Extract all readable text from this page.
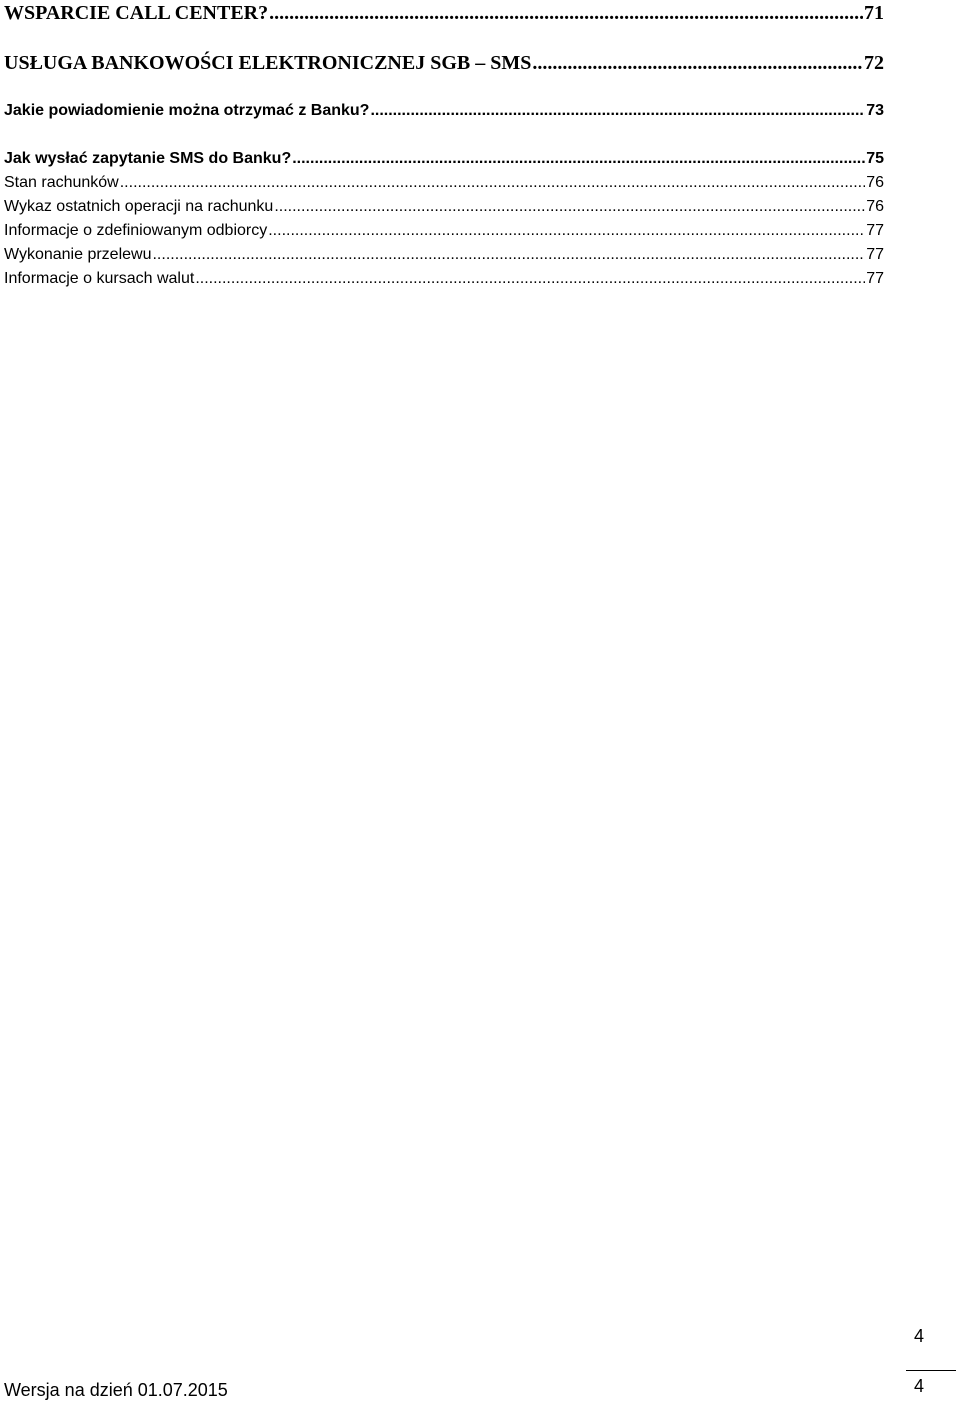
WSPARCIE CALL CENTER? .....	71
USŁUGA BANKOWOŚCI ELEKTRONICZNEJ SGB – SMS .....	72
Jakie powiadomienie można otrzymać z Banku? .....	73
Jak wysłać zapytanie SMS do Banku? .....	75
Stan rachunków .....	76
Wykaz ostatnich operacji na rachunku .....	76
Informacje o zdefiniowanym odbiorcy .....	77
Wykonanie przelewu .....	77
Informacje o kursach walut .....	77
4
4
Wersja na dzień 01.07.2015
